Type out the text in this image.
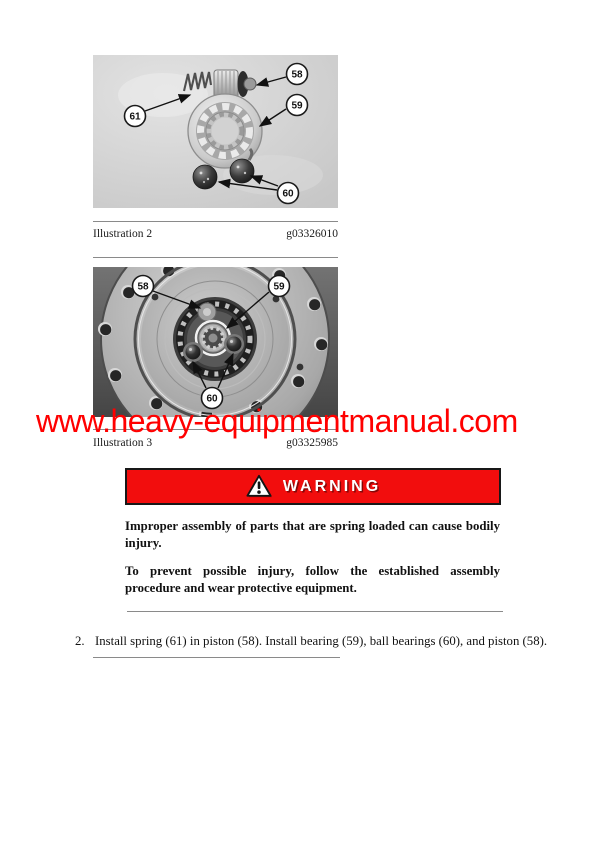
61
58
59
60
Illustration 2	g03326010
58	59
60
Illustration 3	g03325985
WARNING

Improper assembly of parts that are spring loaded can cause bodily injury.

To prevent possible injury, follow the established assembly procedure and wear protective equipment.

2. Install spring (61) in piston (58). Install bearing (59), ball bearings (60), and piston (58).
www.heavy-equipmentmanual.com
